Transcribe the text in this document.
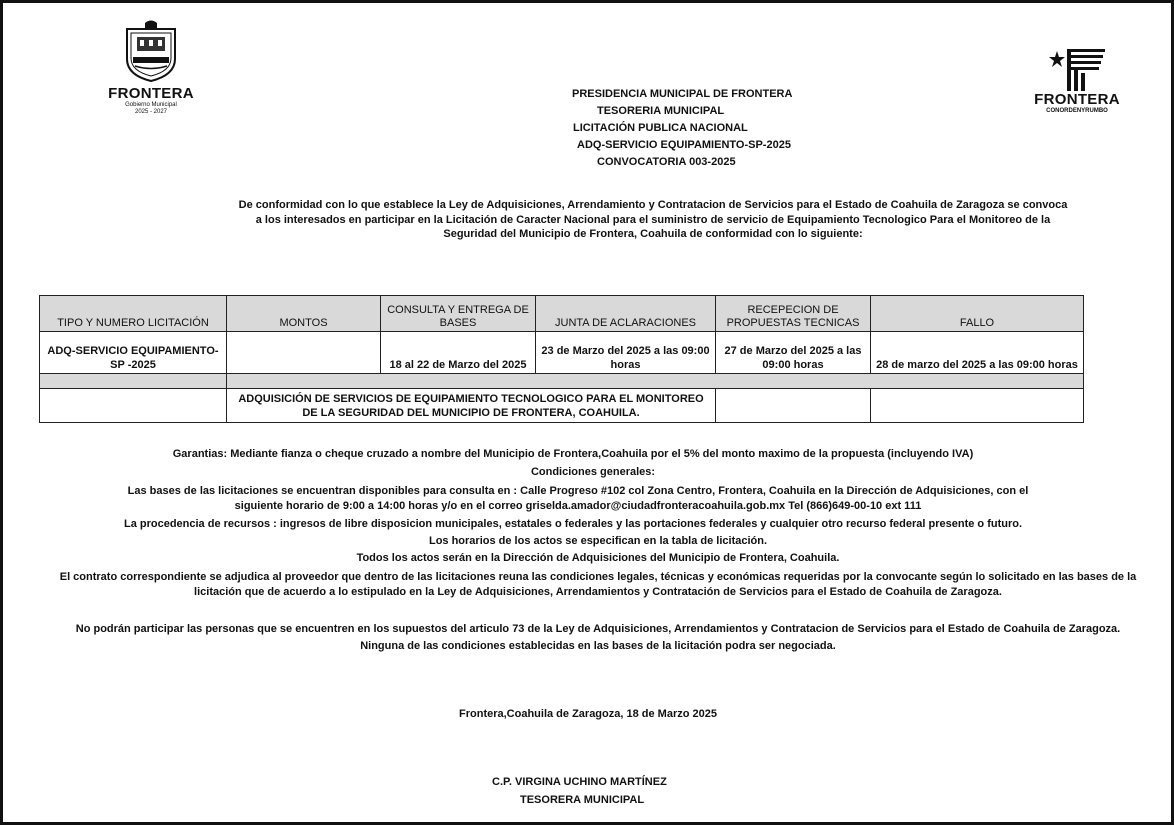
FRONTERA
Gobierno Municipal
2025 - 2027
FRONTERA
CONORDENYRUMBO
PRESIDENCIA MUNICIPAL DE FRONTERA
TESORERIA MUNICIPAL
LICITACIÓN PUBLICA NACIONAL
ADQ-SERVICIO EQUIPAMIENTO-SP-2025
CONVOCATORIA 003-2025
De conformidad con lo que establece la Ley de Adquisiciones, Arrendamiento y Contratacion de Servicios para el Estado de Coahuila de Zaragoza se convoca
a los interesados en participar en la Licitación de Caracter Nacional para el suministro de servicio de Equipamiento Tecnologico Para el Monitoreo de la
Seguridad del Municipio de Frontera, Coahuila de conformidad con lo siguiente:
TIPO Y NUMERO LICITACIÓN	MONTOS	CONSULTA Y ENTREGA DE BASES	JUNTA DE ACLARACIONES	RECEPECION DE PROPUESTAS TECNICAS	FALLO
ADQ-SERVICIO EQUIPAMIENTO-SP -2025		18 al 22 de Marzo del 2025	23 de Marzo del 2025 a las 09:00 horas	27 de Marzo del 2025 a las 09:00 horas	28 de marzo del 2025 a las 09:00 horas

	ADQUISICIÓN DE SERVICIOS DE EQUIPAMIENTO TECNOLOGICO PARA EL MONITOREO DE LA SEGURIDAD DEL MUNICIPIO DE FRONTERA, COAHUILA.				
Garantias: Mediante fianza o cheque cruzado a nombre del Municipio de Frontera,Coahuila por el 5% del monto maximo de la propuesta (incluyendo IVA)
Condiciones generales:
Las bases de las licitaciones se encuentran disponibles para consulta en : Calle Progreso #102 col Zona Centro, Frontera, Coahuila en la Dirección de Adquisiciones, con el
siguiente horario de 9:00 a 14:00 horas y/o en el correo griselda.amador@ciudadfronteracoahuila.gob.mx Tel (866)649-00-10 ext 111
La procedencia de recursos : ingresos de libre disposicion municipales, estatales o federales y las portaciones federales y cualquier otro recurso federal presente o futuro.
Los horarios de los actos se especifican en la tabla de licitación.
Todos los actos serán en la Dirección de Adquisiciones del Municipio de Frontera, Coahuila.
El contrato correspondiente se adjudica al proveedor que dentro de las licitaciones reuna las condiciones legales, técnicas y económicas requeridas por la convocante según lo solicitado en las bases de la
licitación que de acuerdo a lo estipulado en la Ley de Adquisiciones, Arrendamientos y Contratación de Servicios para el Estado de Coahuila de Zaragoza.
No podrán participar las personas que se encuentren en los supuestos del articulo 73 de la Ley de Adquisiciones, Arrendamientos y Contratacion de Servicios para el Estado de Coahuila de Zaragoza.
Ninguna de las condiciones establecidas en las bases de la licitación podra ser negociada.
Frontera,Coahuila de Zaragoza, 18 de Marzo 2025
C.P. VIRGINA UCHINO MARTÍNEZ
TESORERA MUNICIPAL
